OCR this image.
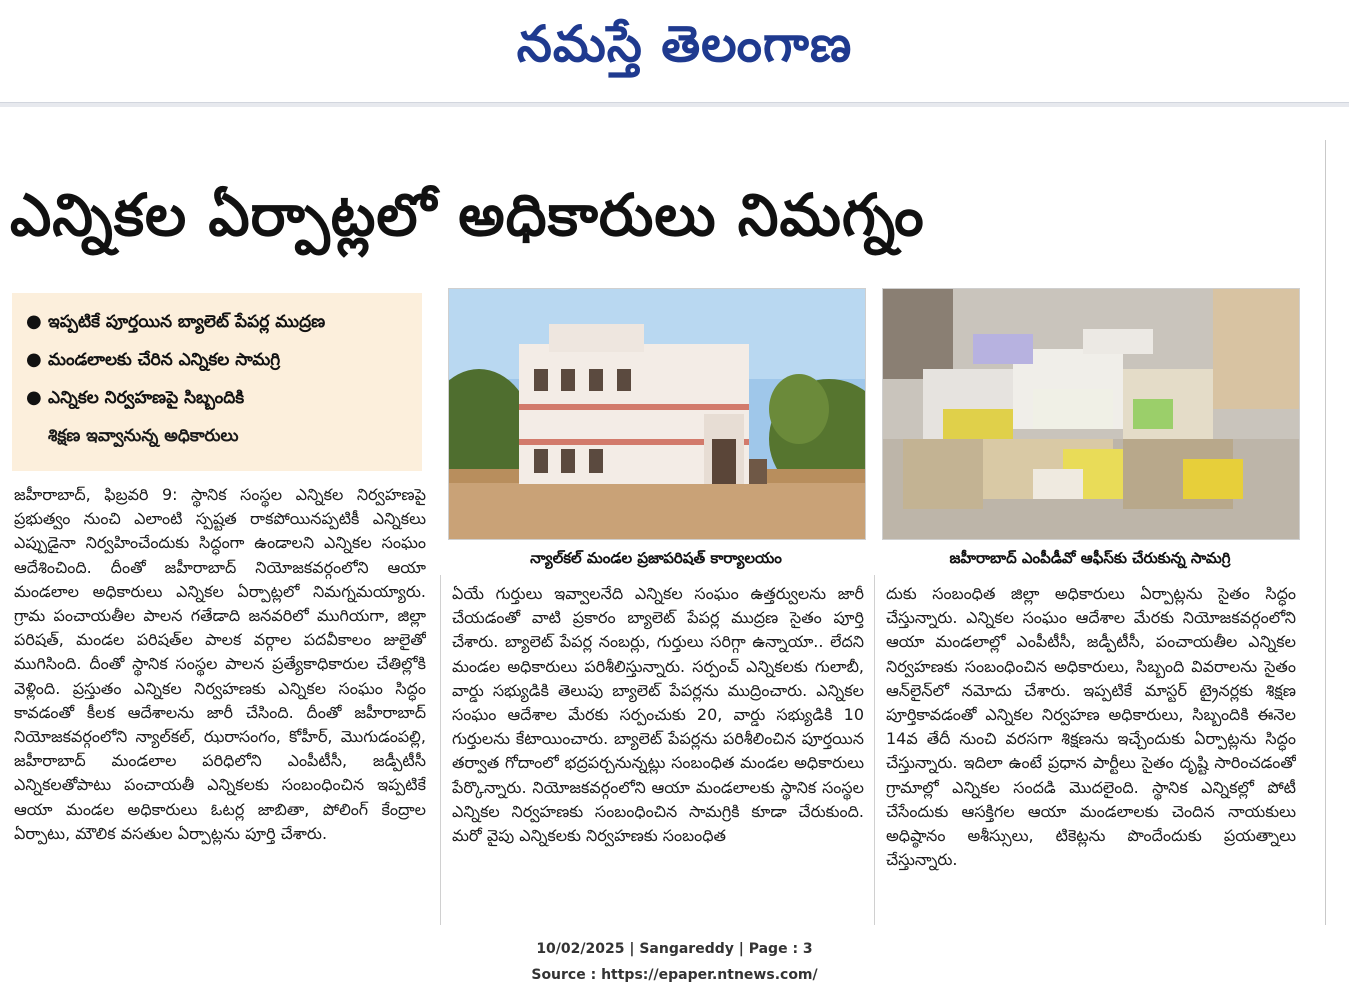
నమస్తే తెలంగాణ
ఎన్నికల ఏర్పాట్లలో అధికారులు నిమగ్నం
● ఇప్పటికే పూర్తయిన బ్యాలెట్ పేపర్ల ముద్రణ
● మండలాలకు చేరిన ఎన్నికల సామగ్రి
● ఎన్నికల నిర్వహణపై సిబ్బందికి
శిక్షణ ఇవ్వానున్న అధికారులు

జహీరాబాద్, ఫిబ్రవరి 9: స్థానిక సంస్థల ఎన్నికల నిర్వహణపై ప్రభుత్వం నుంచి ఎలాంటి స్పష్టత రాకపోయినప్పటికీ ఎన్నికలు ఎప్పుడైనా నిర్వహించేందుకు సిద్ధంగా ఉండాలని ఎన్నికల సంఘం ఆదేశించింది. దీంతో జహీరాబాద్ నియోజకవర్గంలోని ఆయా మండలాల అధికారులు ఎన్నికల ఏర్పాట్లలో నిమగ్నమయ్యారు. గ్రామ పంచాయతీల పాలన గతేడాది జనవరిలో ముగియగా, జిల్లా పరిషత్, మండల పరిషత్‌ల పాలక వర్గాల పదవీకాలం జులైతో ముగిసింది. దీంతో స్థానిక సంస్థల పాలన ప్రత్యేకాధికారుల చేతిల్లోకి వెళ్లింది. ప్రస్తుతం ఎన్నికల నిర్వహణకు ఎన్నికల సంఘం సిద్ధం కావడంతో కీలక ఆదేశాలను జారీ చేసింది. దీంతో జహీరాబాద్ నియోజకవర్గంలోని న్యాల్‌కల్, ఝరాసంగం, కోహీర్, మొగుడంపల్లి, జహీరాబాద్ మండలాల పరిధిలోని ఎంపీటీసీ, జడ్పీటీసీ ఎన్నికలతోపాటు పంచాయతీ ఎన్నికలకు సంబంధించిన ఇప్పటికే ఆయా మండల అధికారులు ఓటర్ల జాబితా, పోలింగ్ కేంద్రాల ఏర్పాటు, మౌలిక వసతుల ఏర్పాట్లను పూర్తి చేశారు.

న్యాల్‌కల్ మండల ప్రజాపరిషత్ కార్యాలయం	జహీరాబాద్ ఎంపీడీవో ఆఫీస్‌కు చేరుకున్న సామగ్రి

ఏయే గుర్తులు ఇవ్వాలనేది ఎన్నికల సంఘం ఉత్తర్వులను జారీ చేయడంతో వాటి ప్రకారం బ్యాలెట్ పేపర్ల ముద్రణ సైతం పూర్తి చేశారు. బ్యాలెట్ పేపర్ల నంబర్లు, గుర్తులు సరిగ్గా ఉన్నాయా.. లేదని మండల అధికారులు పరిశీలిస్తున్నారు. సర్పంచ్ ఎన్నికలకు గులాబీ, వార్డు సభ్యుడికి తెలుపు బ్యాలెట్ పేపర్లను ముద్రించారు. ఎన్నికల సంఘం ఆదేశాల మేరకు సర్పంచుకు 20, వార్డు సభ్యుడికి 10 గుర్తులను కేటాయించారు. బ్యాలెట్ పేపర్లను పరిశీలించిన పూర్తయిన తర్వాత గోదాంలో భద్రపర్చనున్నట్లు సంబంధిత మండల అధికారులు పేర్కొన్నారు. నియోజకవర్గంలోని ఆయా మండలాలకు స్థానిక సంస్థల ఎన్నికల నిర్వహణకు సంబంధించిన సామగ్రికి కూడా చేరుకుంది. మరో వైపు ఎన్నికలకు నిర్వహణకు సంబంధిత

దుకు సంబంధిత జిల్లా అధికారులు ఏర్పాట్లను సైతం సిద్ధం చేస్తున్నారు. ఎన్నికల సంఘం ఆదేశాల మేరకు నియోజకవర్గంలోని ఆయా మండలాల్లో ఎంపీటీసీ, జడ్పీటీసీ, పంచాయతీల ఎన్నికల నిర్వహణకు సంబంధించిన అధికారులు, సిబ్బంది వివరాలను సైతం ఆన్‌లైన్‌లో నమోదు చేశారు. ఇప్పటికే మాస్టర్ ట్రైనర్లకు శిక్షణ పూర్తికావడంతో ఎన్నికల నిర్వహణ అధికారులు, సిబ్బందికి ఈనెల 14వ తేదీ నుంచి వరసగా శిక్షణను ఇచ్చేందుకు ఏర్పాట్లను సిద్ధం చేస్తున్నారు. ఇదిలా ఉంటే ప్రధాన పార్టీలు సైతం దృష్టి సారించడంతో గ్రామాల్లో ఎన్నికల సందడి మొదలైంది. స్థానిక ఎన్నికల్లో పోటీ చేసేందుకు ఆసక్తిగల ఆయా మండలాలకు చెందిన నాయకులు అధిష్ఠానం అశీస్సులు, టికెట్లను పొందేందుకు ప్రయత్నాలు చేస్తున్నారు.

10/02/2025 | Sangareddy | Page : 3
Source : https://epaper.ntnews.com/
